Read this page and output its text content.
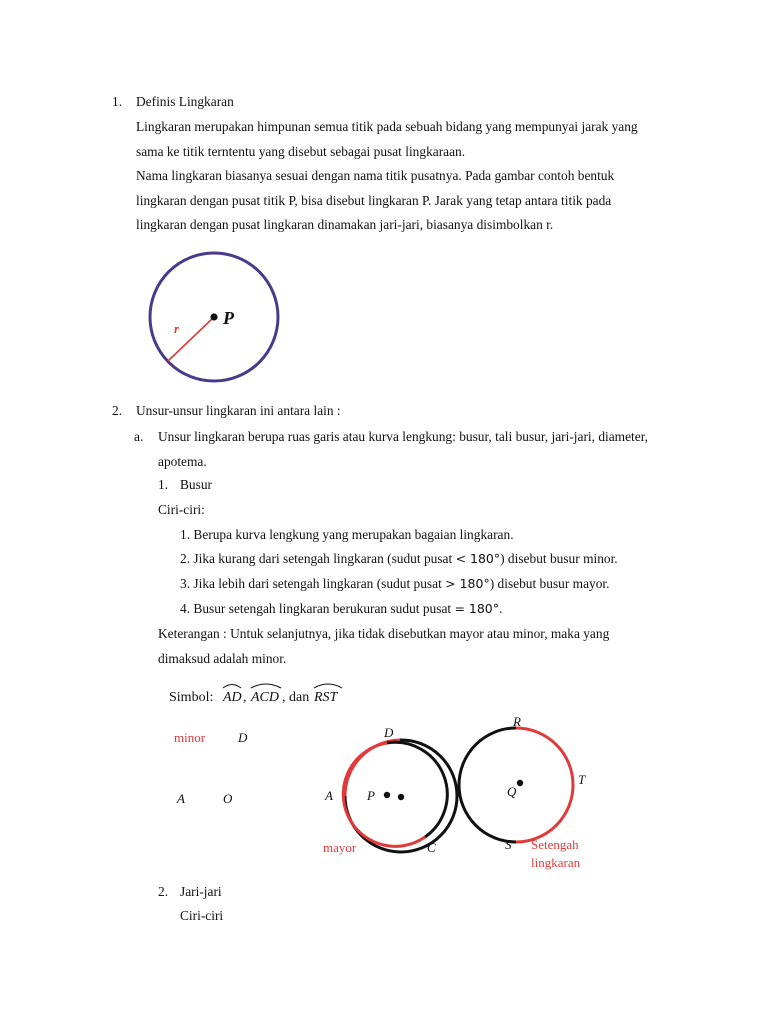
1. Definis Lingkaran
Lingkaran merupakan himpunan semua titik pada sebuah bidang yang mempunyai jarak yang
sama ke titik terntentu yang disebut sebagai pusat lingkaraan.
Nama lingkaran biasanya sesuai dengan nama titik pusatnya. Pada gambar contoh bentuk
lingkaran dengan pusat titik P, bisa disebut lingkaran P. Jarak yang tetap antara titik pada
lingkaran dengan pusat lingkaran dinamakan jari-jari, biasanya disimbolkan r.
P
r
2. Unsur-unsur lingkaran ini antara lain :
a. Unsur lingkaran berupa ruas garis atau kurva lengkung: busur, tali busur, jari-jari, diameter,
apotema.
1. Busur
Ciri-ciri:
1. Berupa kurva lengkung yang merupakan bagaian lingkaran.
2. Jika kurang dari setengah lingkaran (sudut pusat < 180°) disebut busur minor.
3. Jika lebih dari setengah lingkaran (sudut pusat > 180°) disebut busur mayor.
4. Busur setengah lingkaran berukuran sudut pusat = 180°.
Keterangan : Untuk selanjutnya, jika tidak disebutkan mayor atau minor, maka yang
dimaksud adalah minor.
Simbol: AD , ACD , dan RST
minor
O
A
D
mayor
P
A
D
C
R
Q
T
S Setengah
lingkaran
2. Jari-jari
Ciri-ciri
